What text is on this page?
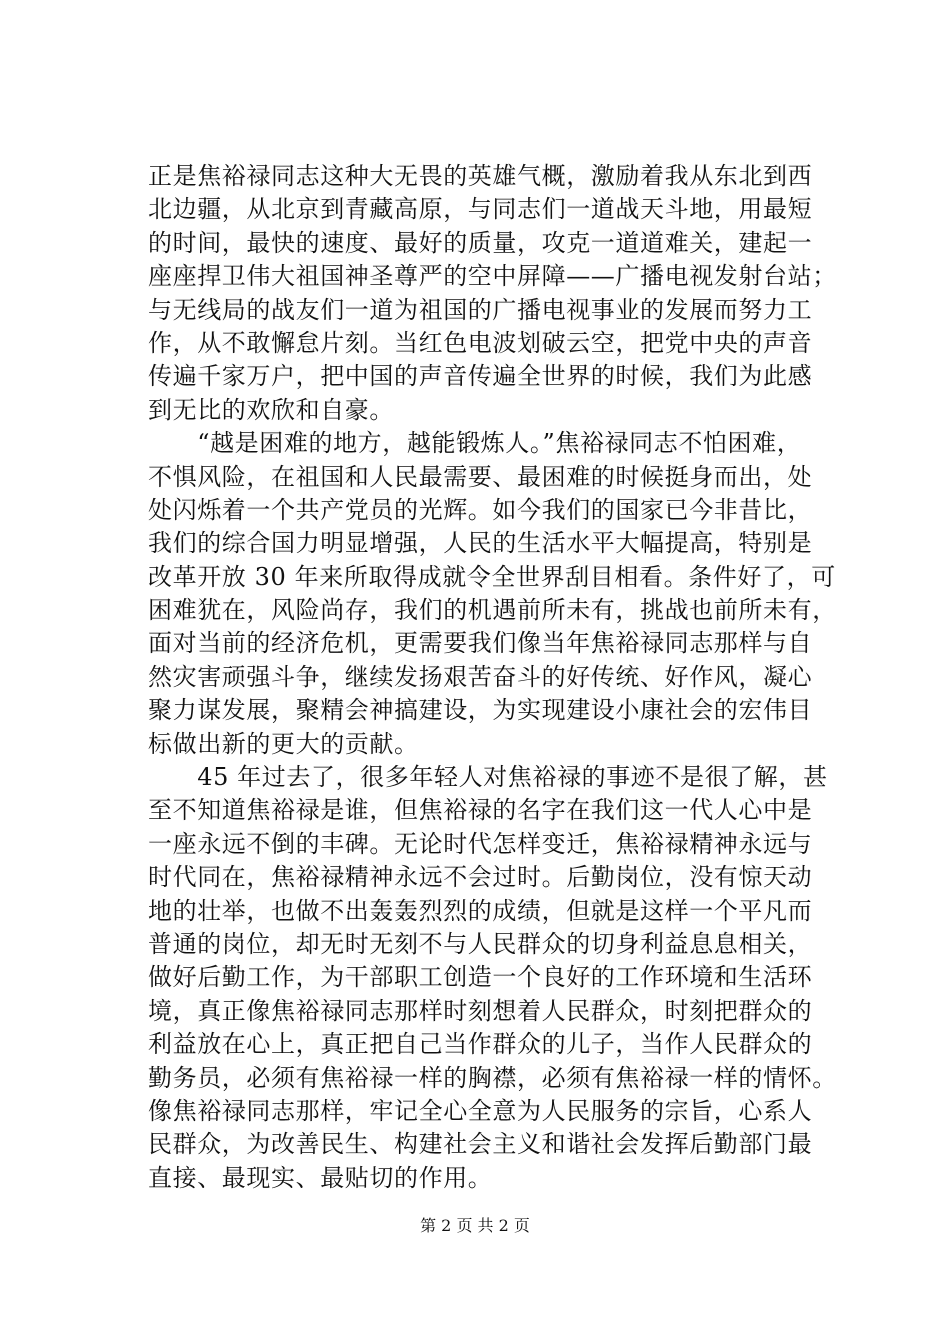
正是焦裕禄同志这种大无畏的英雄气概，激励着我从东北到西
北边疆，从北京到青藏高原，与同志们一道战天斗地，用最短
的时间，最快的速度、最好的质量，攻克一道道难关，建起一
座座捍卫伟大祖国神圣尊严的空中屏障——广播电视发射台站；
与无线局的战友们一道为祖国的广播电视事业的发展而努力工
作，从不敢懈怠片刻。当红色电波划破云空，把党中央的声音
传遍千家万户，把中国的声音传遍全世界的时候，我们为此感
到无比的欢欣和自豪。
　　“越是困难的地方，越能锻炼人。”焦裕禄同志不怕困难，
不惧风险，在祖国和人民最需要、最困难的时候挺身而出，处
处闪烁着一个共产党员的光辉。如今我们的国家已今非昔比，
我们的综合国力明显增强，人民的生活水平大幅提高，特别是
改革开放 30 年来所取得成就令全世界刮目相看。条件好了，可
困难犹在，风险尚存，我们的机遇前所未有，挑战也前所未有，
面对当前的经济危机，更需要我们像当年焦裕禄同志那样与自
然灾害顽强斗争，继续发扬艰苦奋斗的好传统、好作风，凝心
聚力谋发展，聚精会神搞建设，为实现建设小康社会的宏伟目
标做出新的更大的贡献。
　　45 年过去了，很多年轻人对焦裕禄的事迹不是很了解，甚
至不知道焦裕禄是谁，但焦裕禄的名字在我们这一代人心中是
一座永远不倒的丰碑。无论时代怎样变迁，焦裕禄精神永远与
时代同在，焦裕禄精神永远不会过时。后勤岗位，没有惊天动
地的壮举，也做不出轰轰烈烈的成绩，但就是这样一个平凡而
普通的岗位，却无时无刻不与人民群众的切身利益息息相关，
做好后勤工作，为干部职工创造一个良好的工作环境和生活环
境，真正像焦裕禄同志那样时刻想着人民群众，时刻把群众的
利益放在心上，真正把自己当作群众的儿子，当作人民群众的
勤务员，必须有焦裕禄一样的胸襟，必须有焦裕禄一样的情怀。
像焦裕禄同志那样，牢记全心全意为人民服务的宗旨，心系人
民群众，为改善民生、构建社会主义和谐社会发挥后勤部门最
直接、最现实、最贴切的作用。
第 2 页 共 2 页
